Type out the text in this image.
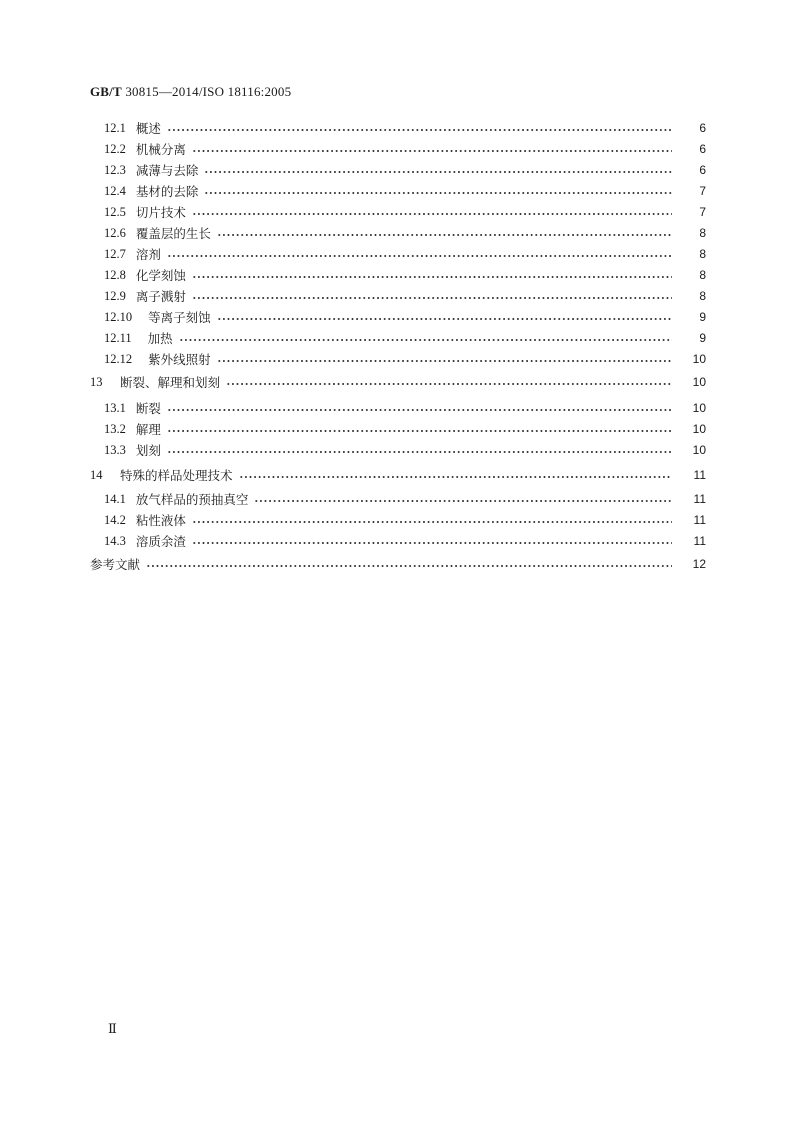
GB/T 30815—2014/ISO 18116:2005
12.1 概述	6
12.2 机械分离	6
12.3 减薄与去除	6
12.4 基材的去除	7
12.5 切片技术	7
12.6 覆盖层的生长	8
12.7 溶剂	8
12.8 化学刻蚀	8
12.9 离子溅射	8
12.10	等离子刻蚀	9
12.11	加热	9
12.12	紫外线照射	10
13	断裂、解理和划刻	10
13.1 断裂	10
13.2 解理	10
13.3 划刻	10
14	特殊的样品处理技术	11
14.1 放气样品的预抽真空	11
14.2 粘性液体	11
14.3 溶质余渣	11
参考文献	12
Ⅱ
